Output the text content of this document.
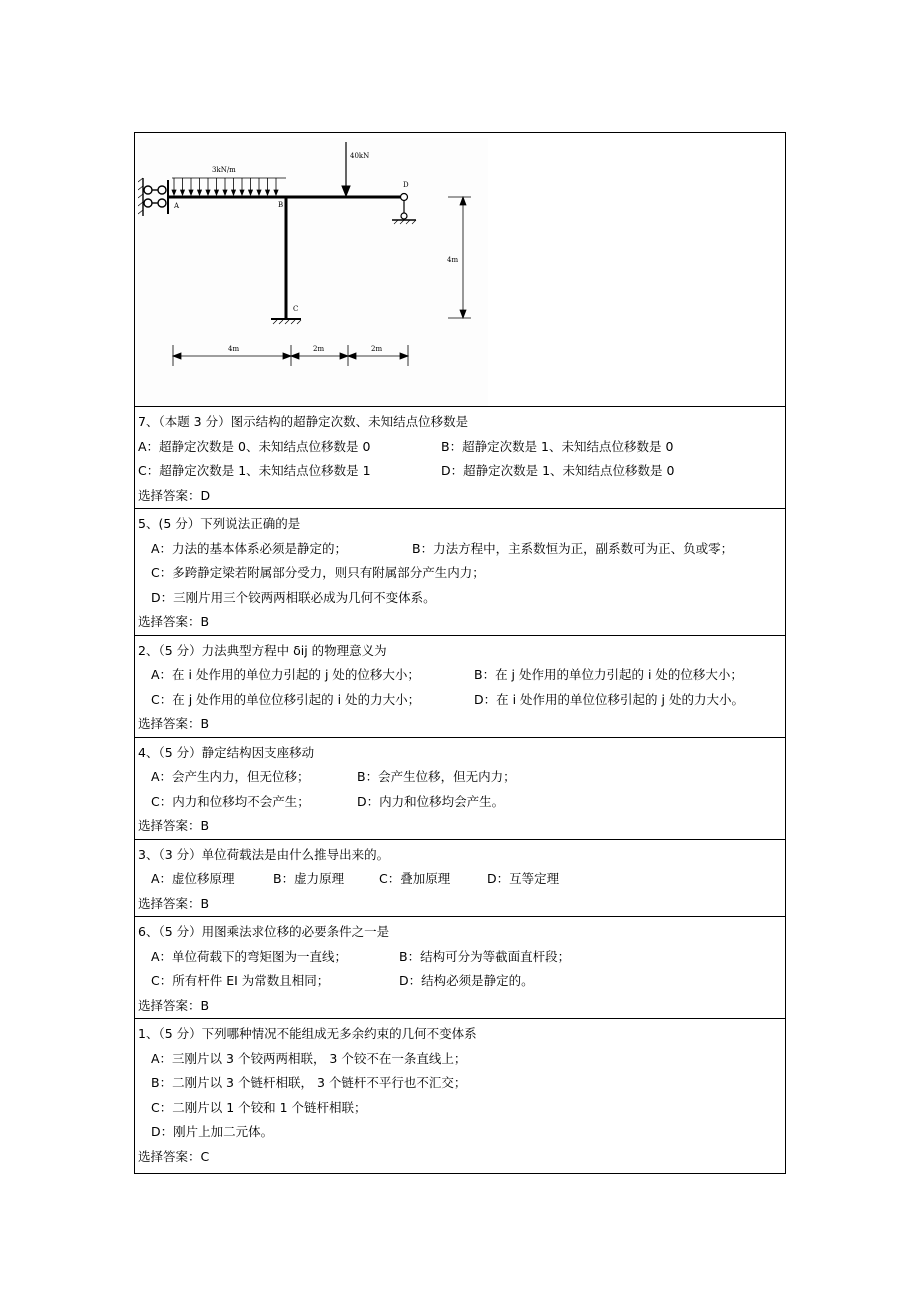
3kN/m
40kN
A	B
C
D
4m
4m	2m	2m
7、（本题 3 分）图示结构的超静定次数、未知结点位移数是
A：超静定次数是 0、未知结点位移数是 0	B：超静定次数是 1、未知结点位移数是 0
C：超静定次数是 1、未知结点位移数是 1	D：超静定次数是 1、未知结点位移数是 0
选择答案：D
5、(5 分）下列说法正确的是
A：力法的基本体系必须是静定的；	B：力法方程中，主系数恒为正，副系数可为正、负或零；
C：多跨静定梁若附属部分受力，则只有附属部分产生内力；
D：三刚片用三个铰两两相联必成为几何不变体系。
选择答案：B
2、（5 分）力法典型方程中 δij 的物理意义为
A：在 i 处作用的单位力引起的 j 处的位移大小；	B：在 j 处作用的单位力引起的 i 处的位移大小；
C：在 j 处作用的单位位移引起的 i 处的力大小；	D：在 i 处作用的单位位移引起的 j 处的力大小。
选择答案：B
4、（5 分）静定结构因支座移动
A：会产生内力，但无位移；	B：会产生位移，但无内力；
C：内力和位移均不会产生；	D：内力和位移均会产生。
选择答案：B
3、（3 分）单位荷载法是由什么推导出来的。
A：虚位移原理	B：虚力原理	C：叠加原理	D：互等定理
选择答案：B
6、（5 分）用图乘法求位移的必要条件之一是
A：单位荷载下的弯矩图为一直线；	B：结构可分为等截面直杆段；
C：所有杆件 EI 为常数且相同；	D：结构必须是静定的。
选择答案：B
1、（5 分）下列哪种情况不能组成无多余约束的几何不变体系
A：三刚片以 3 个铰两两相联， 3 个铰不在一条直线上；
B：二刚片以 3 个链杆相联， 3 个链杆不平行也不汇交；
C：二刚片以 1 个铰和 1 个链杆相联；
D：刚片上加二元体。
选择答案：C
